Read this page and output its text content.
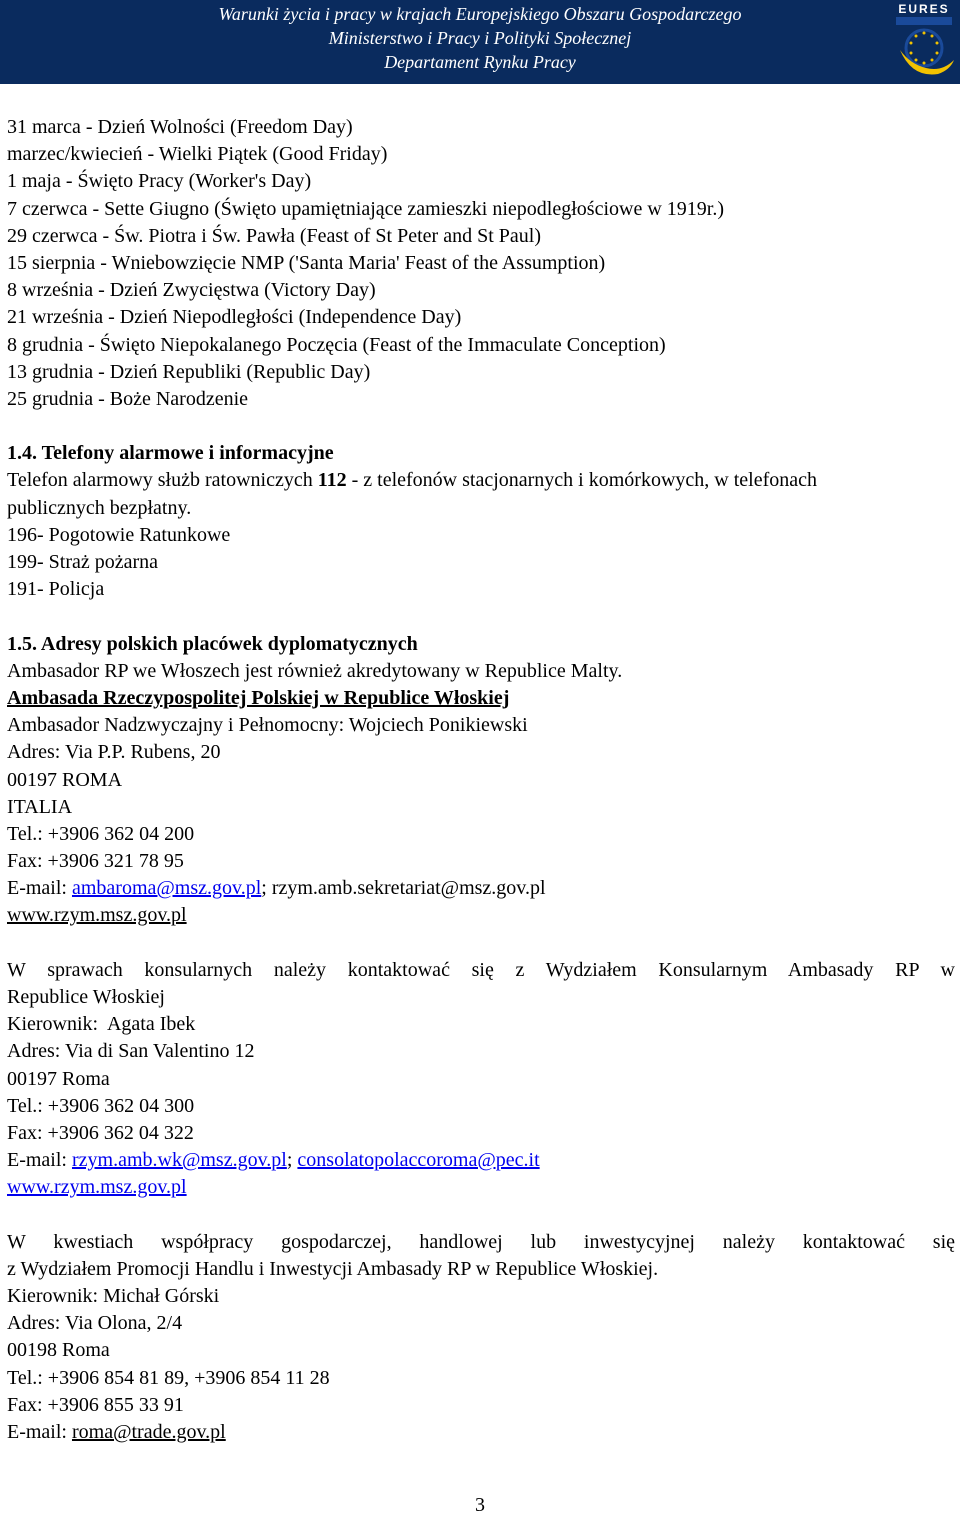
Warunki życia i pracy w krajach Europejskiego Obszaru Gospodarczego
Ministerstwo i Pracy i Polityki Społecznej
Departament Rynku Pracy
EURES
31 marca - Dzień Wolności (Freedom Day)
marzec/kwiecień - Wielki Piątek (Good Friday)
1 maja - Święto Pracy (Worker's Day)
7 czerwca - Sette Giugno (Święto upamiętniające zamieszki niepodległościowe w 1919r.)
29 czerwca - Św. Piotra i Św. Pawła (Feast of St Peter and St Paul)
15 sierpnia - Wniebowzięcie NMP ('Santa Maria' Feast of the Assumption)
8 września - Dzień Zwycięstwa (Victory Day)
21 września - Dzień Niepodległości (Independence Day)
8 grudnia - Święto Niepokalanego Poczęcia (Feast of the Immaculate Conception)
13 grudnia - Dzień Republiki (Republic Day)
25 grudnia - Boże Narodzenie
1.4. Telefony alarmowe i informacyjne
Telefon alarmowy służb ratowniczych 112 - z telefonów stacjonarnych i komórkowych, w telefonach
publicznych bezpłatny.
196- Pogotowie Ratunkowe
199- Straż pożarna
191- Policja
1.5. Adresy polskich placówek dyplomatycznych
Ambasador RP we Włoszech jest również akredytowany w Republice Malty.
Ambasada Rzeczypospolitej Polskiej w Republice Włoskiej
Ambasador Nadzwyczajny i Pełnomocny: Wojciech Ponikiewski
Adres: Via P.P. Rubens, 20
00197 ROMA
ITALIA
Tel.: +3906 362 04 200
Fax: +3906 321 78 95
E-mail: ambaroma@msz.gov.pl; rzym.amb.sekretariat@msz.gov.pl
www.rzym.msz.gov.pl
W sprawach konsularnych należy kontaktować się z Wydziałem Konsularnym Ambasady RP w
Republice Włoskiej
Kierownik:  Agata Ibek
Adres: Via di San Valentino 12
00197 Roma
Tel.: +3906 362 04 300
Fax: +3906 362 04 322
E-mail: rzym.amb.wk@msz.gov.pl; consolatopolaccoroma@pec.it
www.rzym.msz.gov.pl
W kwestiach współpracy gospodarczej, handlowej lub inwestycyjnej należy kontaktować się
z Wydziałem Promocji Handlu i Inwestycji Ambasady RP w Republice Włoskiej.
Kierownik: Michał Górski
Adres: Via Olona, 2/4
00198 Roma
Tel.: +3906 854 81 89, +3906 854 11 28
Fax: +3906 855 33 91
E-mail: roma@trade.gov.pl
3
